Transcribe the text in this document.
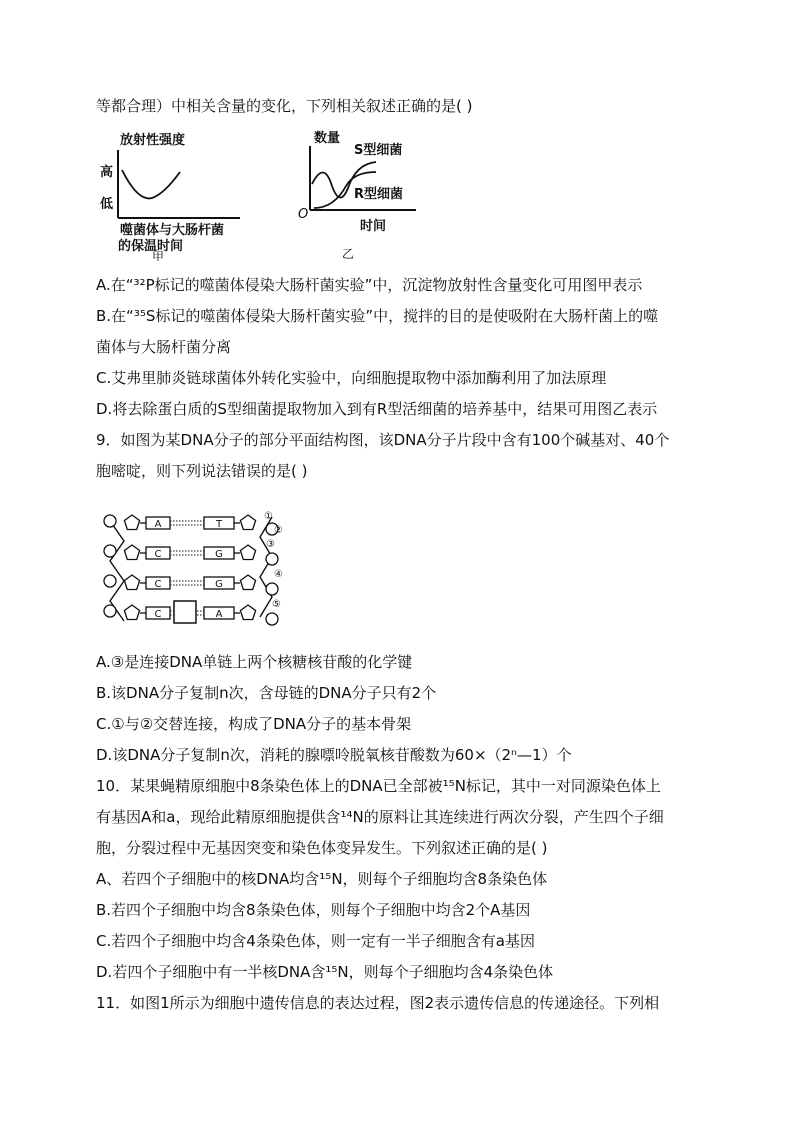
等都合理）中相关含量的变化，下列相关叙述正确的是( )
放射性强度
高
低
噬菌体与大肠杆菌
的保温时间
甲
数量
S型细菌
R型细菌
O
时间
乙
A.在“³²P标记的噬菌体侵染大肠杆菌实验”中，沉淀物放射性含量变化可用图甲表示
B.在“³⁵S标记的噬菌体侵染大肠杆菌实验”中，搅拌的目的是使吸附在大肠杆菌上的噬
菌体与大肠杆菌分离
C.艾弗里肺炎链球菌体外转化实验中，向细胞提取物中添加酶利用了加法原理
D.将去除蛋白质的S型细菌提取物加入到有R型活细菌的培养基中，结果可用图乙表示
9．如图为某DNA分子的部分平面结构图，该DNA分子片段中含有100个碱基对、40个
胞嘧啶，则下列说法错误的是( )
A	T
C	G
C	G
C	A
①
②
③
④
⑤
A.③是连接DNA单链上两个核糖核苷酸的化学键
B.该DNA分子复制n次，含母链的DNA分子只有2个
C.①与②交替连接，构成了DNA分子的基本骨架
D.该DNA分子复制n次，消耗的腺嘌呤脱氧核苷酸数为60×（2ⁿ—1）个
10．某果蝇精原细胞中8条染色体上的DNA已全部被¹⁵N标记，其中一对同源染色体上
有基因A和a，现给此精原细胞提供含¹⁴N的原料让其连续进行两次分裂，产生四个子细
胞，分裂过程中无基因突变和染色体变异发生。下列叙述正确的是( )
A、若四个子细胞中的核DNA均含¹⁵N，则每个子细胞均含8条染色体
B.若四个子细胞中均含8条染色体，则每个子细胞中均含2个A基因
C.若四个子细胞中均含4条染色体，则一定有一半子细胞含有a基因
D.若四个子细胞中有一半核DNA含¹⁵N，则每个子细胞均含4条染色体
11．如图1所示为细胞中遗传信息的表达过程，图2表示遗传信息的传递途径。下列相
